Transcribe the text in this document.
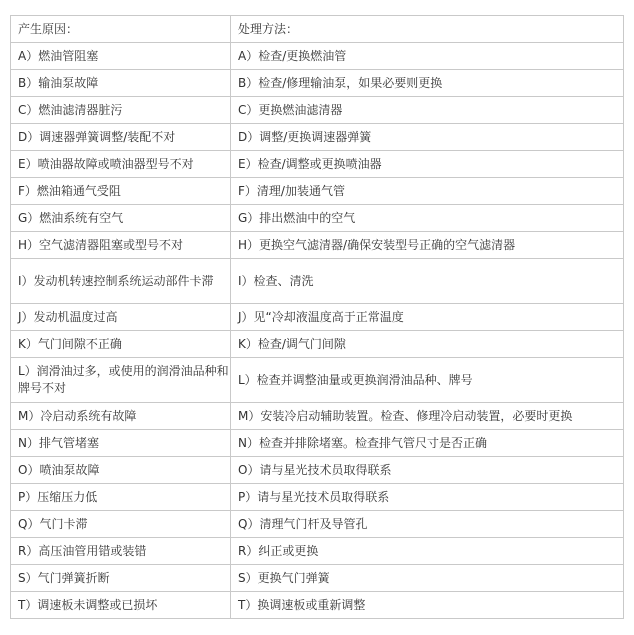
产生原因：	处理方法：
A）燃油管阻塞	A）检查/更换燃油管
B）输油泵故障	B）检查/修理输油泵，如果必要则更换
C）燃油滤清器脏污	C）更换燃油滤清器
D）调速器弹簧调整/装配不对	D）调整/更换调速器弹簧
E）喷油器故障或喷油器型号不对	E）检查/调整或更换喷油器
F）燃油箱通气受阻	F）清理/加装通气管
G）燃油系统有空气	G）排出燃油中的空气
H）空气滤清器阻塞或型号不对	H）更换空气滤清器/确保安装型号正确的空气滤清器
I）发动机转速控制系统运动部件卡滞	I）检查、清洗
J）发动机温度过高	J）见“冷却液温度高于正常温度
K）气门间隙不正确	K）检查/调气门间隙
L）润滑油过多，或使用的润滑油品种和牌号不对	L）检查并调整油量或更换润滑油品种、牌号
M）冷启动系统有故障	M）安装冷启动辅助装置。检查、修理冷启动装置，必要时更换
N）排气管堵塞	N）检查并排除堵塞。检查排气管尺寸是否正确
O）喷油泵故障	O）请与星光技术员取得联系
P）压缩压力低	P）请与星光技术员取得联系
Q）气门卡滞	Q）清理气门杆及导管孔
R）高压油管用错或装错	R）纠正或更换
S）气门弹簧折断	S）更换气门弹簧
T）调速板未调整或已损坏	T）换调速板或重新调整
